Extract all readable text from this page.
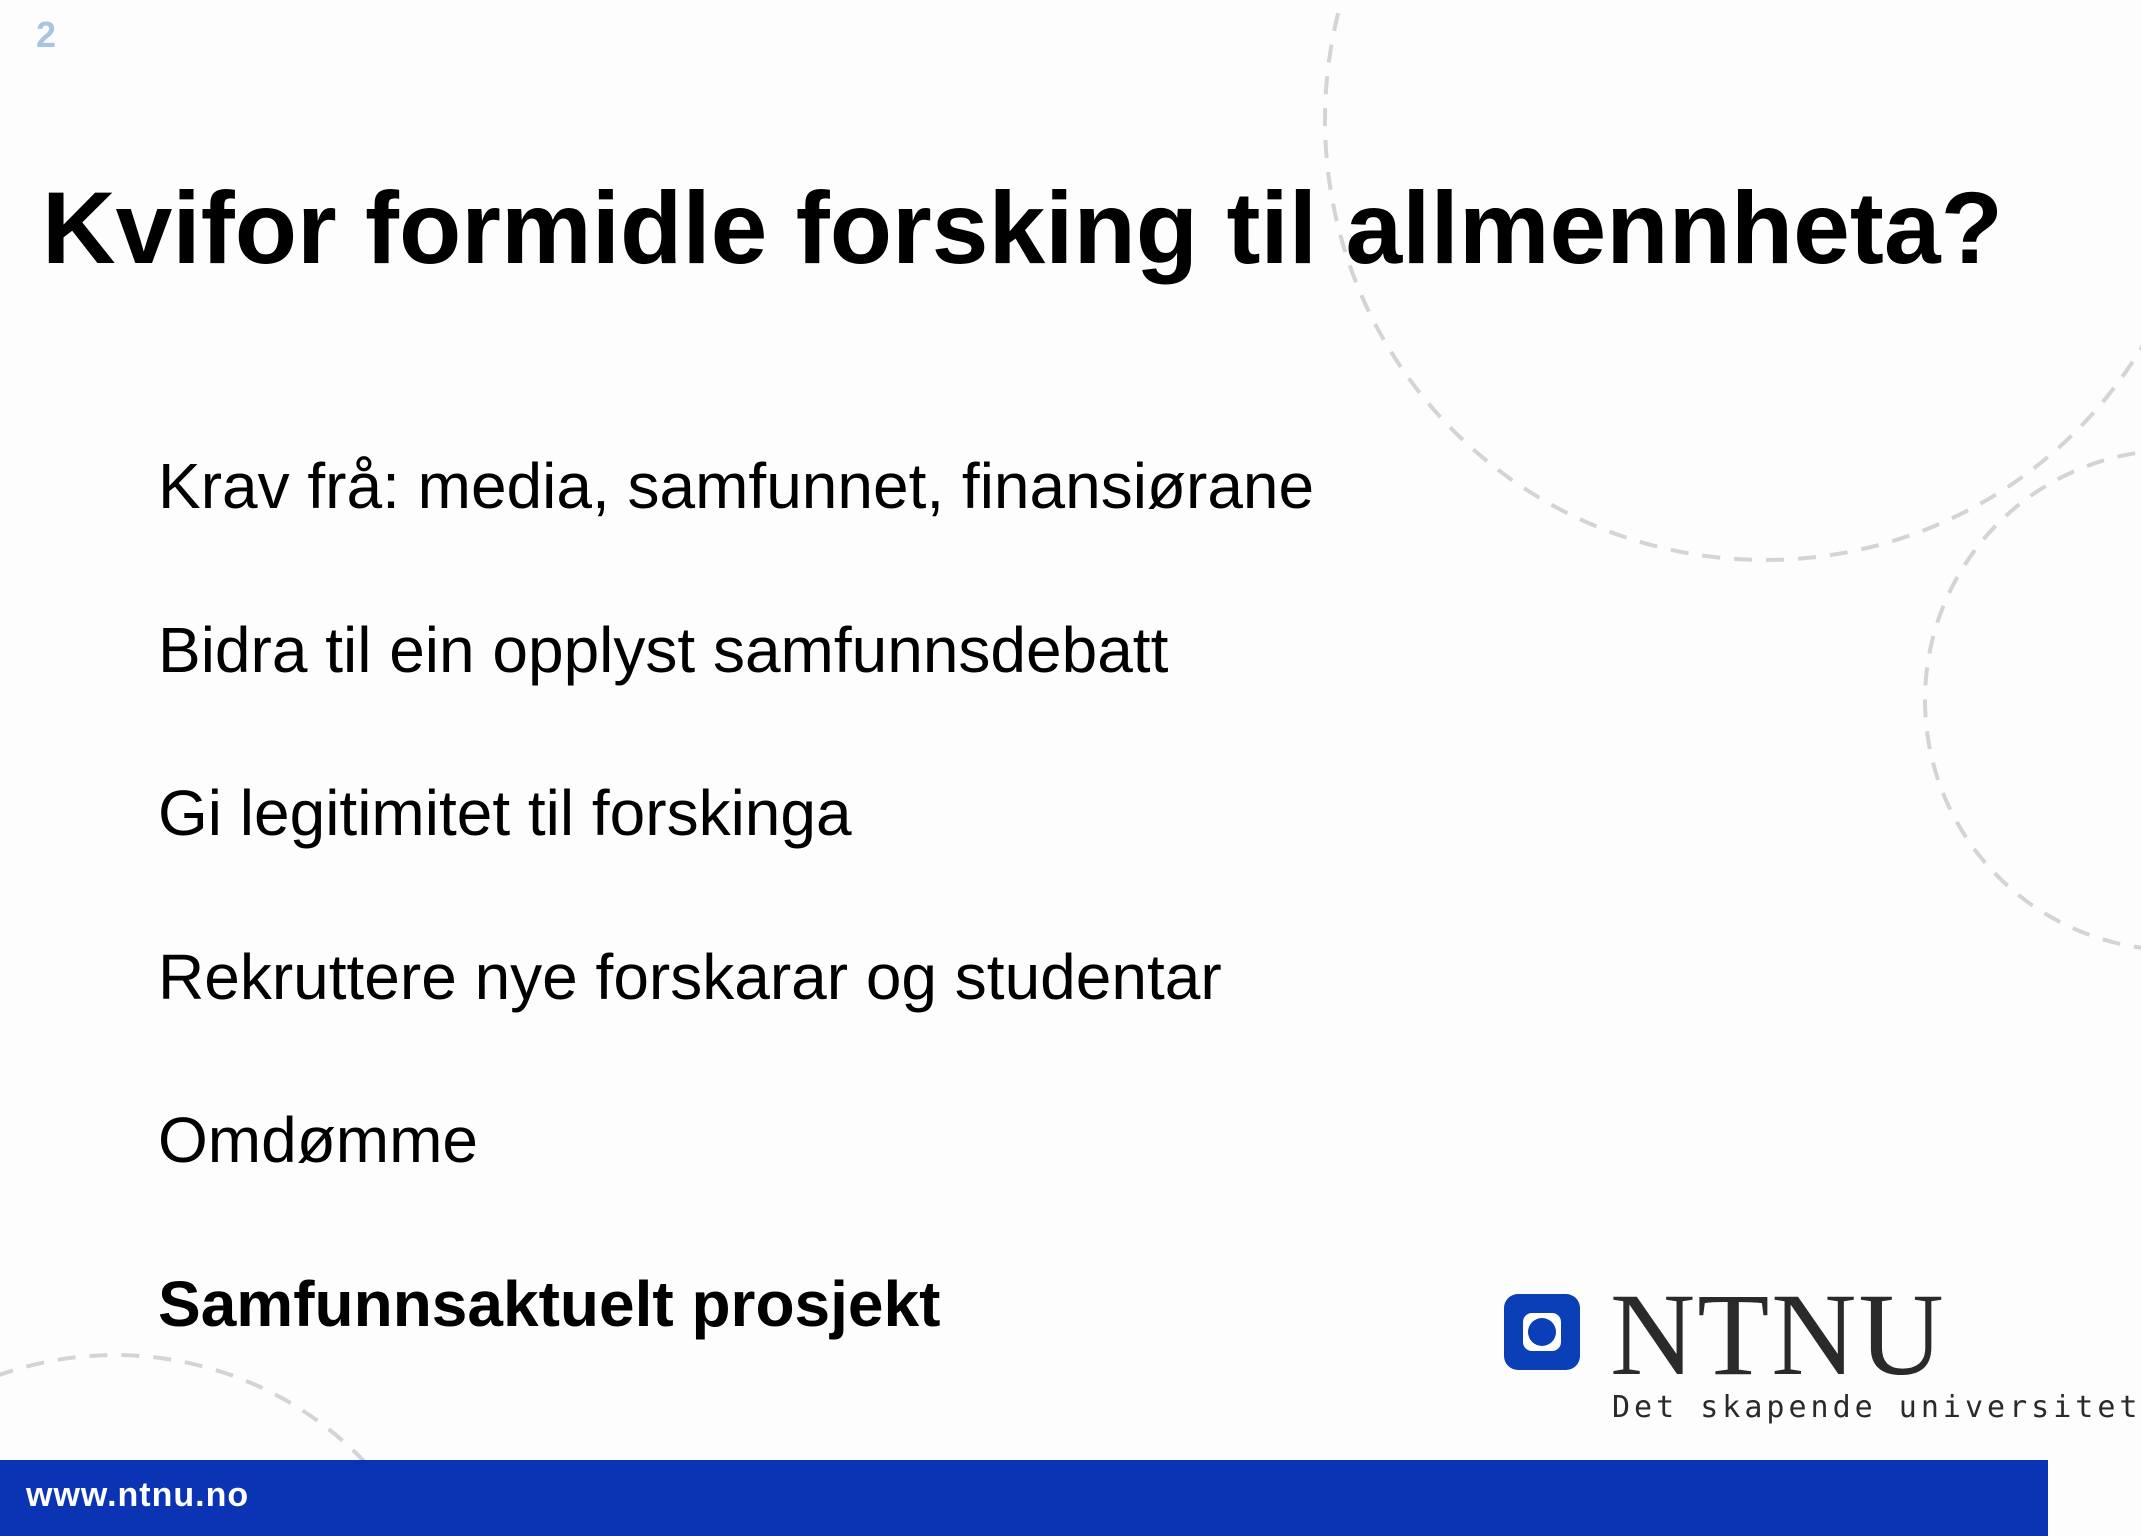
2
Kvifor formidle forsking til allmennheta?
Krav frå: media, samfunnet, finansiørane
Bidra til ein opplyst samfunnsdebatt
Gi legitimitet til forskinga
Rekruttere nye forskarar og studentar
Omdømme
Samfunnsaktuelt prosjekt	NTNU
Det skapende universitet
www.ntnu.no
